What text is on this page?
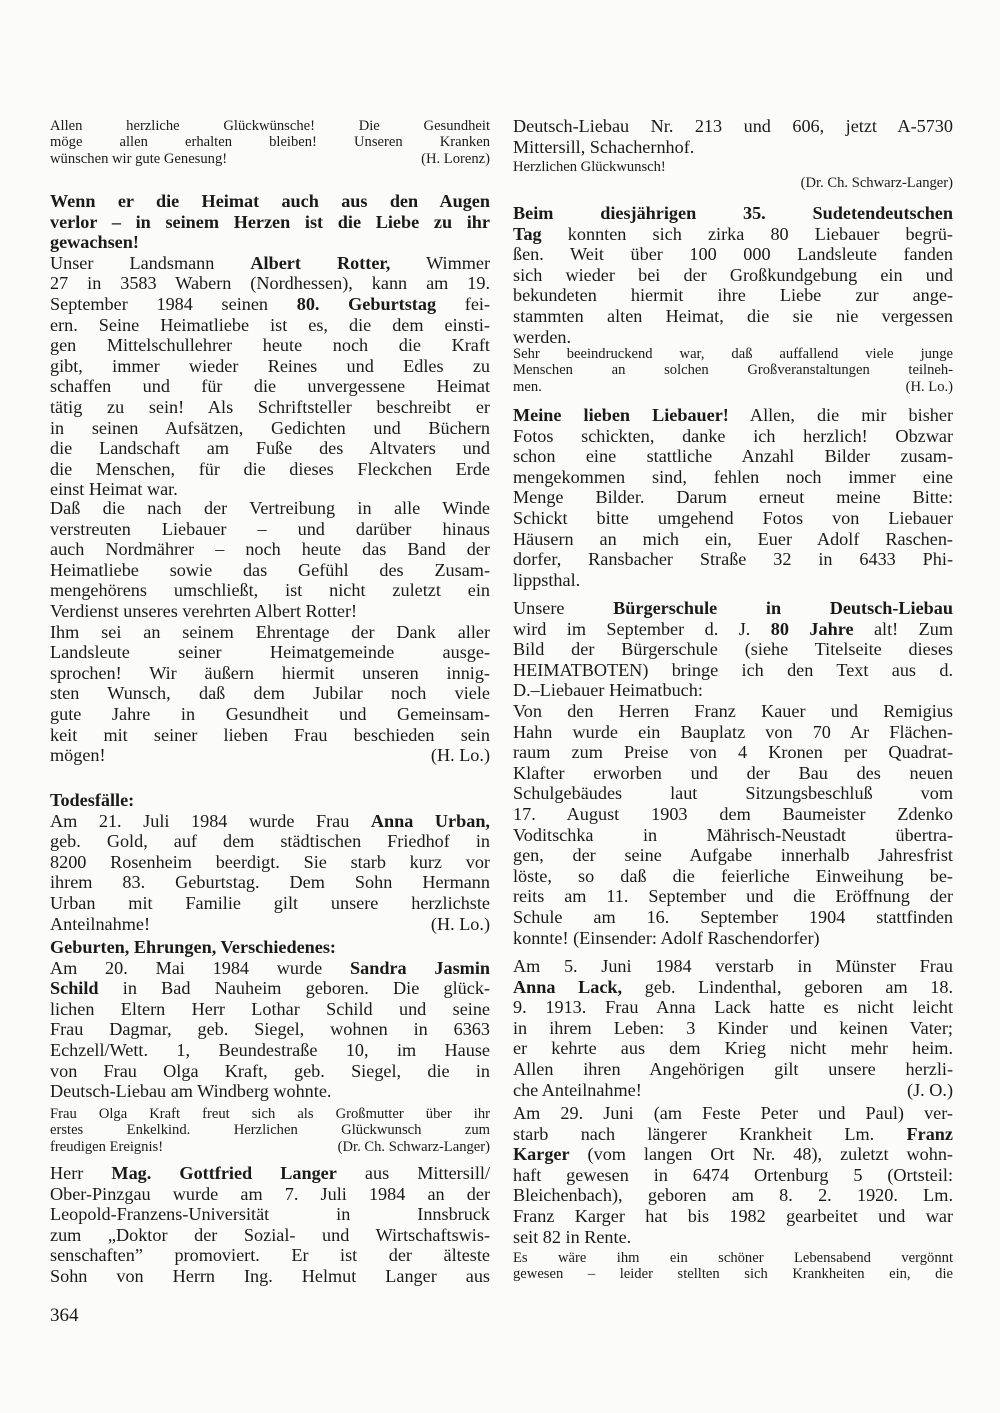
Allen herzliche Glückwünsche! Die Gesundheit
möge allen erhalten bleiben! Unseren Kranken
wünschen wir gute Genesung!	(H. Lorenz)
Wenn er die Heimat auch aus den Augen
verlor – in seinem Herzen ist die Liebe zu ihr
gewachsen!
Unser Landsmann Albert Rotter, Wimmer
27 in 3583 Wabern (Nordhessen), kann am 19.
September 1984 seinen 80. Geburtstag fei-
ern. Seine Heimatliebe ist es, die dem einsti-
gen Mittelschullehrer heute noch die Kraft
gibt, immer wieder Reines und Edles zu
schaffen und für die unvergessene Heimat
tätig zu sein! Als Schriftsteller beschreibt er
in seinen Aufsätzen, Gedichten und Büchern
die Landschaft am Fuße des Altvaters und
die Menschen, für die dieses Fleckchen Erde
einst Heimat war.
Daß die nach der Vertreibung in alle Winde
verstreuten Liebauer – und darüber hinaus
auch Nordmährer – noch heute das Band der
Heimatliebe sowie das Gefühl des Zusam-
mengehörens umschließt, ist nicht zuletzt ein
Verdienst unseres verehrten Albert Rotter!
Ihm sei an seinem Ehrentage der Dank aller
Landsleute seiner Heimatgemeinde ausge-
sprochen! Wir äußern hiermit unseren innig-
sten Wunsch, daß dem Jubilar noch viele
gute Jahre in Gesundheit und Gemeinsam-
keit mit seiner lieben Frau beschieden sein
mögen!	(H. Lo.)
Todesfälle:
Am 21. Juli 1984 wurde Frau Anna Urban,
geb. Gold, auf dem städtischen Friedhof in
8200 Rosenheim beerdigt. Sie starb kurz vor
ihrem 83. Geburtstag. Dem Sohn Hermann
Urban mit Familie gilt unsere herzlichste
Anteilnahme!	(H. Lo.)
Geburten, Ehrungen, Verschiedenes:
Am 20. Mai 1984 wurde Sandra Jasmin
Schild in Bad Nauheim geboren. Die glück-
lichen Eltern Herr Lothar Schild und seine
Frau Dagmar, geb. Siegel, wohnen in 6363
Echzell/Wett. 1, Beundestraße 10, im Hause
von Frau Olga Kraft, geb. Siegel, die in
Deutsch-Liebau am Windberg wohnte.
Frau Olga Kraft freut sich als Großmutter über ihr
erstes Enkelkind. Herzlichen Glückwunsch zum
freudigen Ereignis!	(Dr. Ch. Schwarz-Langer)
Herr Mag. Gottfried Langer aus Mittersill/
Ober-Pinzgau wurde am 7. Juli 1984 an der
Leopold-Franzens-Universität in Innsbruck
zum „Doktor der Sozial- und Wirtschaftswis-
senschaften” promoviert. Er ist der älteste
Sohn von Herrn Ing. Helmut Langer aus
Deutsch-Liebau Nr. 213 und 606, jetzt A-5730
Mittersill, Schachernhof.
Herzlichen Glückwunsch!
(Dr. Ch. Schwarz-Langer)
Beim diesjährigen 35. Sudetendeutschen
Tag konnten sich zirka 80 Liebauer begrü-
ßen. Weit über 100 000 Landsleute fanden
sich wieder bei der Großkundgebung ein und
bekundeten hiermit ihre Liebe zur ange-
stammten alten Heimat, die sie nie vergessen
werden.
Sehr beeindruckend war, daß auffallend viele junge
Menschen an solchen Großveranstaltungen teilneh-
men.	(H. Lo.)
Meine lieben Liebauer! Allen, die mir bisher
Fotos schickten, danke ich herzlich! Obzwar
schon eine stattliche Anzahl Bilder zusam-
mengekommen sind, fehlen noch immer eine
Menge Bilder. Darum erneut meine Bitte:
Schickt bitte umgehend Fotos von Liebauer
Häusern an mich ein, Euer Adolf Raschen-
dorfer, Ransbacher Straße 32 in 6433 Phi-
lippsthal.
Unsere Bürgerschule in Deutsch-Liebau
wird im September d. J. 80 Jahre alt! Zum
Bild der Bürgerschule (siehe Titelseite dieses
HEIMATBOTEN) bringe ich den Text aus d.
D.–Liebauer Heimatbuch:
Von den Herren Franz Kauer und Remigius
Hahn wurde ein Bauplatz von 70 Ar Flächen-
raum zum Preise von 4 Kronen per Quadrat-
Klafter erworben und der Bau des neuen
Schulgebäudes laut Sitzungsbeschluß vom
17. August 1903 dem Baumeister Zdenko
Voditschka in Mährisch-Neustadt übertra-
gen, der seine Aufgabe innerhalb Jahresfrist
löste, so daß die feierliche Einweihung be-
reits am 11. September und die Eröffnung der
Schule am 16. September 1904 stattfinden
konnte! (Einsender: Adolf Raschendorfer)
Am 5. Juni 1984 verstarb in Münster Frau
Anna Lack, geb. Lindenthal, geboren am 18.
9. 1913. Frau Anna Lack hatte es nicht leicht
in ihrem Leben: 3 Kinder und keinen Vater;
er kehrte aus dem Krieg nicht mehr heim.
Allen ihren Angehörigen gilt unsere herzli-
che Anteilnahme!	(J. O.)
Am 29. Juni (am Feste Peter und Paul) ver-
starb nach längerer Krankheit Lm. Franz
Karger (vom langen Ort Nr. 48), zuletzt wohn-
haft gewesen in 6474 Ortenburg 5 (Ortsteil:
Bleichenbach), geboren am 8. 2. 1920. Lm.
Franz Karger hat bis 1982 gearbeitet und war
seit 82 in Rente.
Es wäre ihm ein schöner Lebensabend vergönnt
gewesen – leider stellten sich Krankheiten ein, die
364
